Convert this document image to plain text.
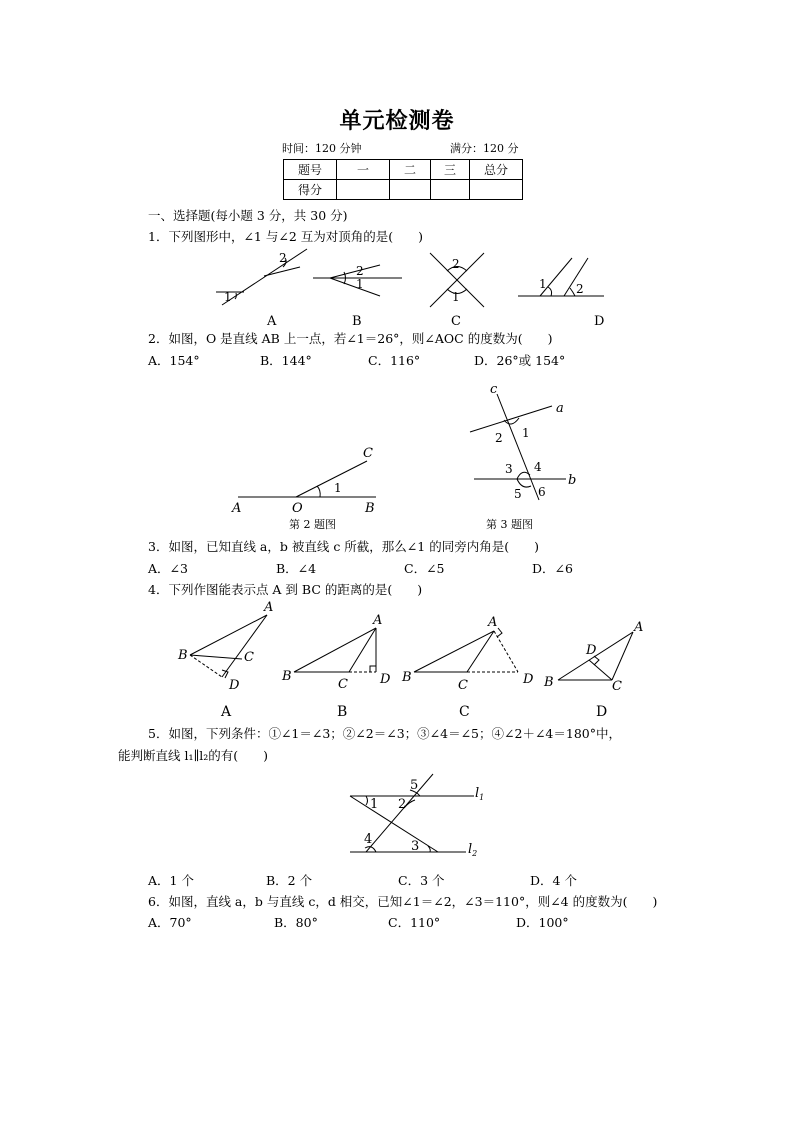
单元检测卷
时间：120 分钟	满分：120 分
题号	一	二	三	总分
得分				
一、选择题(每小题 3 分，共 30 分)
1．下列图形中，∠1 与∠2 互为对顶角的是(　　)
2
1
A
2
1
B
2
1
C
1 2
D
2．如图，O 是直线 AB 上一点，若∠1＝26°，则∠AOC 的度数为(　　)
A．154°	B．144°	C．116°	D．26°或 154°
A	O	B
C
1
第 2 题图
c
a
b
2 1
3 4
5 6
第 3 题图
3．如图，已知直线 a，b 被直线 c 所截，那么∠1 的同旁内角是(　　)
A．∠3	B．∠4	C．∠5	D．∠6
4．下列作图能表示点 A 到 BC 的距离的是(　　)
A
B	C
D
A
A
B
C D
B
A
B
C	D
C
A
B	C
D
D
5．如图，下列条件：①∠1＝∠3；②∠2＝∠3；③∠4＝∠5；④∠2＋∠4＝180°中，
能判断直线 l₁∥l₂的有(　　)
1 2
5
4	3
$l_1$
$l_2$
A．1 个	B．2 个	C．3 个	D．4 个
6．如图，直线 a，b 与直线 c，d 相交，已知∠1＝∠2，∠3＝110°，则∠4 的度数为(　　)
A．70°	B．80°	C．110°	D．100°
